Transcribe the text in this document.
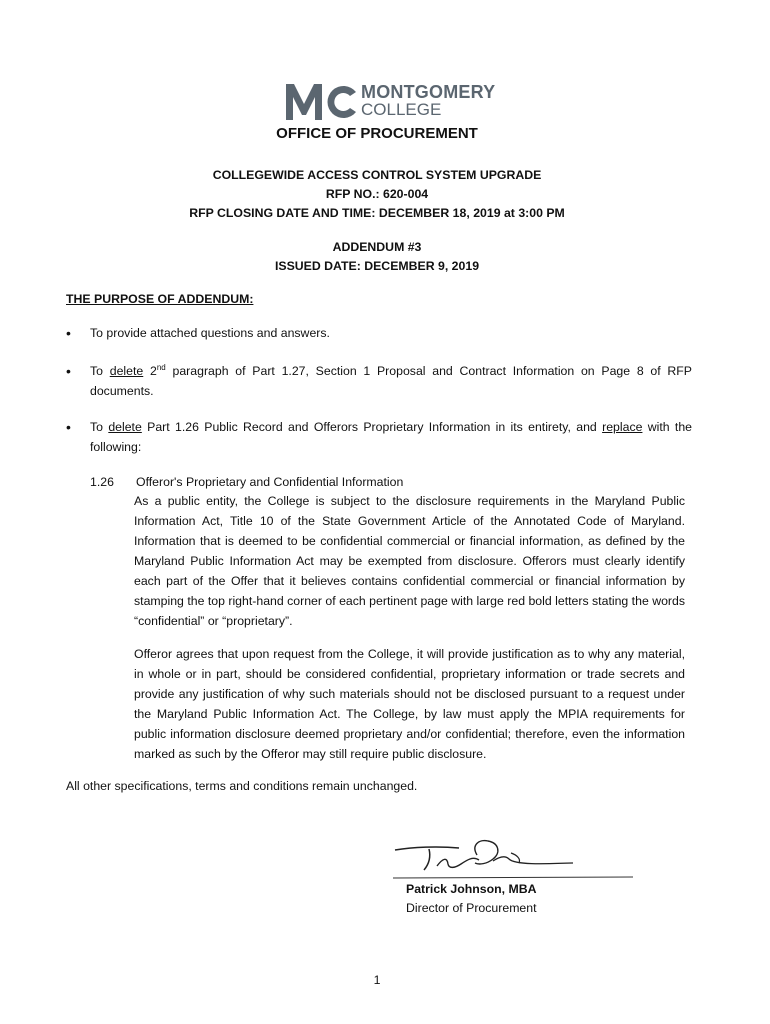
MONTGOMERY
COLLEGE
OFFICE OF PROCUREMENT
COLLEGEWIDE ACCESS CONTROL SYSTEM UPGRADE
RFP NO.: 620-004
RFP CLOSING DATE AND TIME: DECEMBER 18, 2019 at 3:00 PM
ADDENDUM #3
ISSUED DATE: DECEMBER 9, 2019
THE PURPOSE OF ADDENDUM:
• To provide attached questions and answers.
• To delete 2nd paragraph of Part 1.27, Section 1 Proposal and Contract Information on Page 8 of RFP documents.
• To delete Part 1.26 Public Record and Offerors Proprietary Information in its entirety, and replace with the following:
1.26 Offeror's Proprietary and Confidential Information
As a public entity, the College is subject to the disclosure requirements in the Maryland Public Information Act, Title 10 of the State Government Article of the Annotated Code of Maryland. Information that is deemed to be confidential commercial or financial information, as defined by the Maryland Public Information Act may be exempted from disclosure. Offerors must clearly identify each part of the Offer that it believes contains confidential commercial or financial information by stamping the top right-hand corner of each pertinent page with large red bold letters stating the words “confidential” or “proprietary”.
Offeror agrees that upon request from the College, it will provide justification as to why any material, in whole or in part, should be considered confidential, proprietary information or trade secrets and provide any justification of why such materials should not be disclosed pursuant to a request under the Maryland Public Information Act. The College, by law must apply the MPIA requirements for public information disclosure deemed proprietary and/or confidential; therefore, even the information marked as such by the Offeror may still require public disclosure.
All other specifications, terms and conditions remain unchanged.
Patrick Johnson, MBA
Director of Procurement
1
